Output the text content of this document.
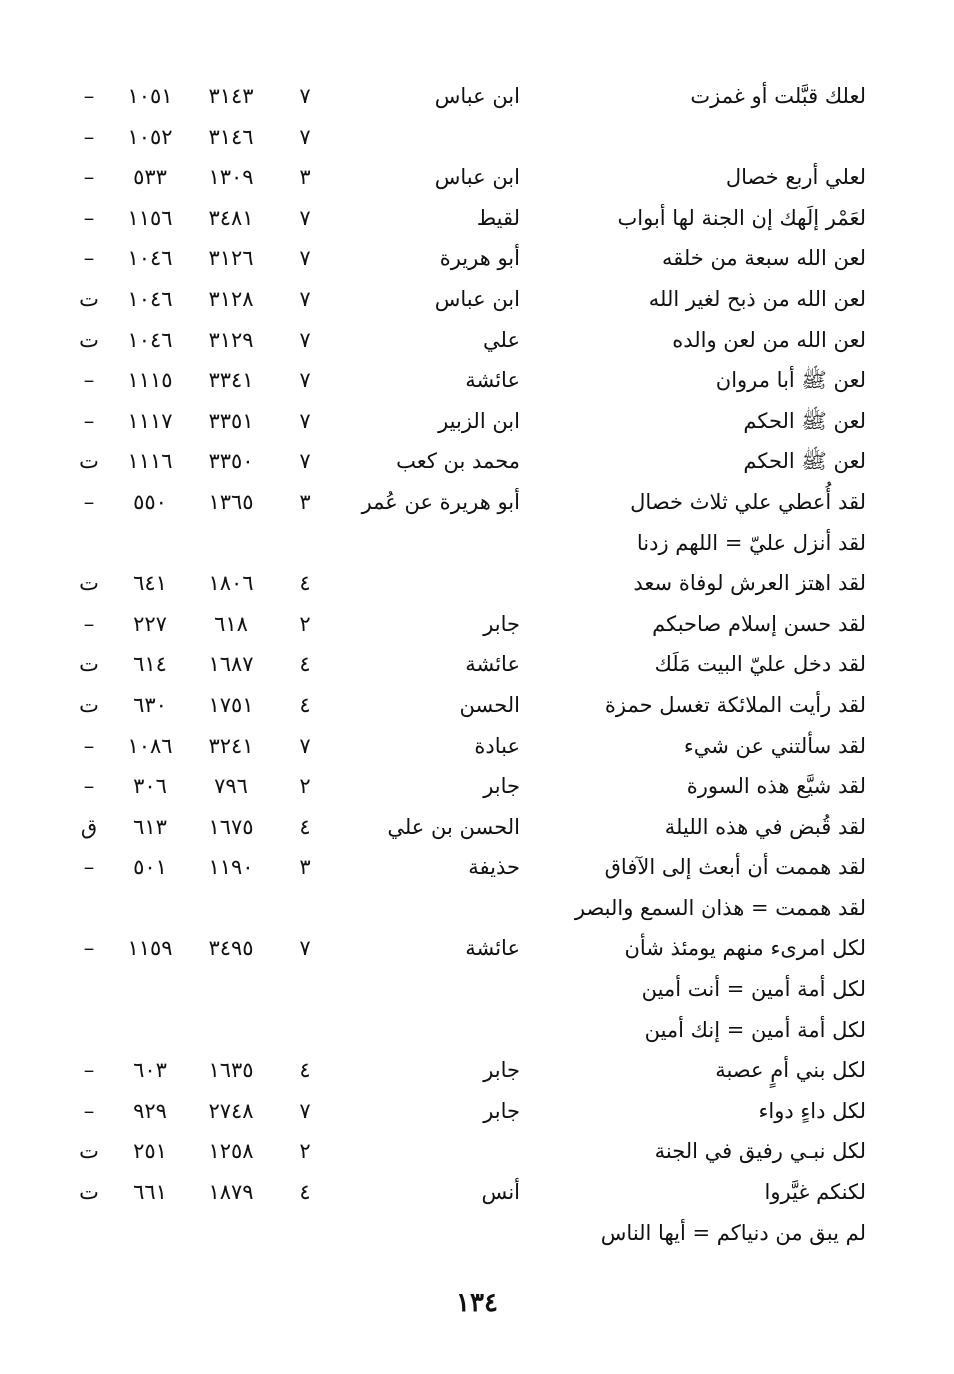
لعلك قبَّلت أو غمزت
ابن عباس
٧
٣١٤٣
١٠٥١
–
٧
٣١٤٦
١٠٥٢
–
لعلي أربع خصال
ابن عباس
٣
١٣٠٩
٥٣٣
–
لعَمْر إلَهك إن الجنة لها أبواب
لقيط
٧
٣٤٨١
١١٥٦
–
لعن الله سبعة من خلقه
أبو هريرة
٧
٣١٢٦
١٠٤٦
–
لعن الله من ذبح لغير الله
ابن عباس
٧
٣١٢٨
١٠٤٦
ت
لعن الله من لعن والده
علي
٧
٣١٢٩
١٠٤٦
ت
لعن ﷺ أبا مروان
عائشة
٧
٣٣٤١
١١١٥
–
لعن ﷺ الحكم
ابن الزبير
٧
٣٣٥١
١١١٧
–
لعن ﷺ الحكم
محمد بن كعب
٧
٣٣٥٠
١١١٦
ت
لقد أُعطي علي ثلاث خصال
أبو هريرة عن عُمر
٣
١٣٦٥
٥٥٠
–
لقد أنزل عليّ = اللهم زدنا
لقد اهتز العرش لوفاة سعد
٤
١٨٠٦
٦٤١
ت
لقد حسن إسلام صاحبكم
جابر
٢
٦١٨
٢٢٧
–
لقد دخل عليّ البيت مَلَك
عائشة
٤
١٦٨٧
٦١٤
ت
لقد رأيت الملائكة تغسل حمزة
الحسن
٤
١٧٥١
٦٣٠
ت
لقد سألتني عن شيء
عبادة
٧
٣٢٤١
١٠٨٦
–
لقد شيَّع هذه السورة
جابر
٢
٧٩٦
٣٠٦
–
لقد قُبض في هذه الليلة
الحسن بن علي
٤
١٦٧٥
٦١٣
ق
لقد هممت أن أبعث إلى الآفاق
حذيفة
٣
١١٩٠
٥٠١
–
لقد هممت = هذان السمع والبصر
لكل امرىء منهم يومئذ شأن
عائشة
٧
٣٤٩٥
١١٥٩
–
لكل أمة أمين = أنت أمين
لكل أمة أمين = إنك أمين
لكل بني أمٍ عصبة
جابر
٤
١٦٣٥
٦٠٣
–
لكل داءٍ دواء
جابر
٧
٢٧٤٨
٩٢٩
–
لكل نبـي رفيق في الجنة
٢
١٢٥٨
٢٥١
ت
لكنكم غيَّروا
أنس
٤
١٨٧٩
٦٦١
ت
لم يبق من دنياكم = أيها الناس
١٣٤
